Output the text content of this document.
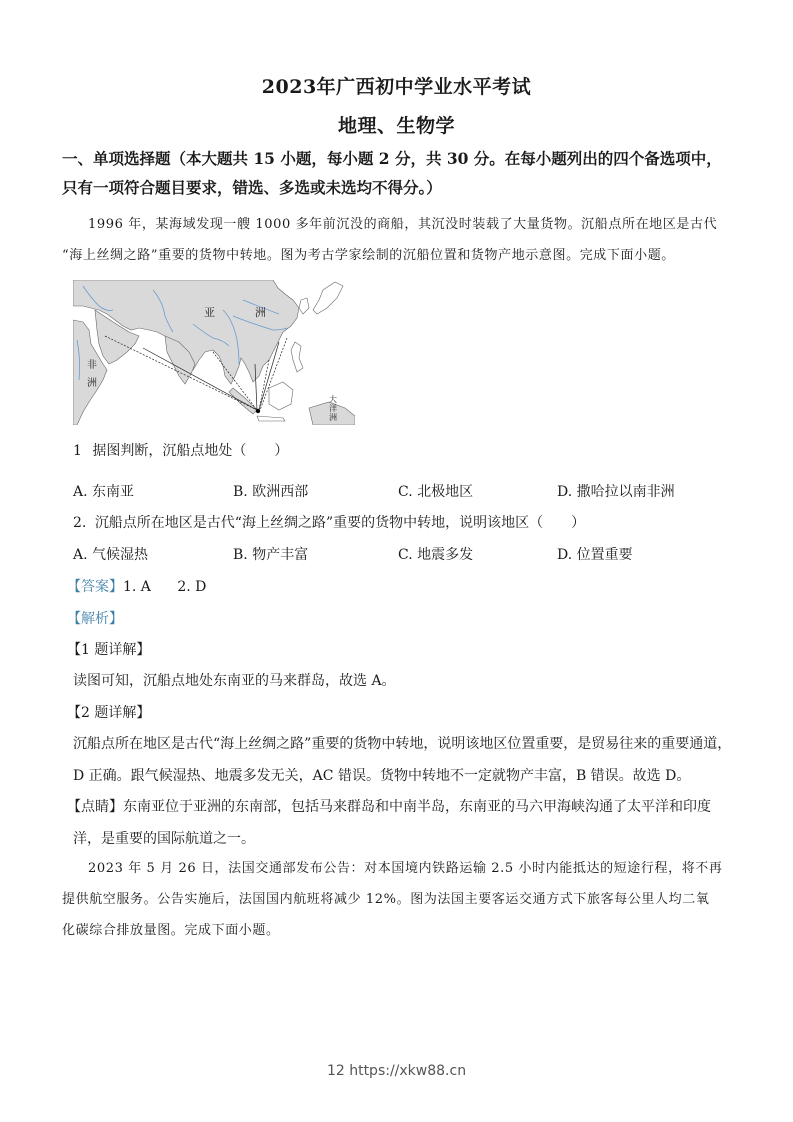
2023年广西初中学业水平考试
地理、生物学
一、单项选择题（本大题共 15 小题，每小题 2 分，共 30 分。在每小题列出的四个备选项中，
只有一项符合题目要求，错选、多选或未选均不得分。）
1996 年，某海域发现一艘 1000 多年前沉没的商船，其沉没时装载了大量货物。沉船点所在地区是古代
“海上丝绸之路”重要的货物中转地。图为考古学家绘制的沉船位置和货物产地示意图。完成下面小题。
亚	洲
非
洲
大
洋
洲
1 据图判断，沉船点地处（　　）
A. 东南亚	B. 欧洲西部	C. 北极地区	D. 撒哈拉以南非洲
2. 沉船点所在地区是古代“海上丝绸之路”重要的货物中转地，说明该地区（　　）
A. 气候湿热	B. 物产丰富	C. 地震多发	D. 位置重要
【答案】1. A 2. D
【解析】
【1 题详解】
读图可知，沉船点地处东南亚的马来群岛，故选 A。
【2 题详解】
沉船点所在地区是古代“海上丝绸之路”重要的货物中转地，说明该地区位置重要，是贸易往来的重要通道，
D 正确。跟气候湿热、地震多发无关，AC 错误。货物中转地不一定就物产丰富，B 错误。故选 D。
【点睛】东南亚位于亚洲的东南部，包括马来群岛和中南半岛，东南亚的马六甲海峡沟通了太平洋和印度
洋，是重要的国际航道之一。
2023 年 5 月 26 日，法国交通部发布公告：对本国境内铁路运输 2.5 小时内能抵达的短途行程，将不再
提供航空服务。公告实施后，法国国内航班将减少 12%。图为法国主要客运交通方式下旅客每公里人均二氧
化碳综合排放量图。完成下面小题。
12 https://xkw88.cn
